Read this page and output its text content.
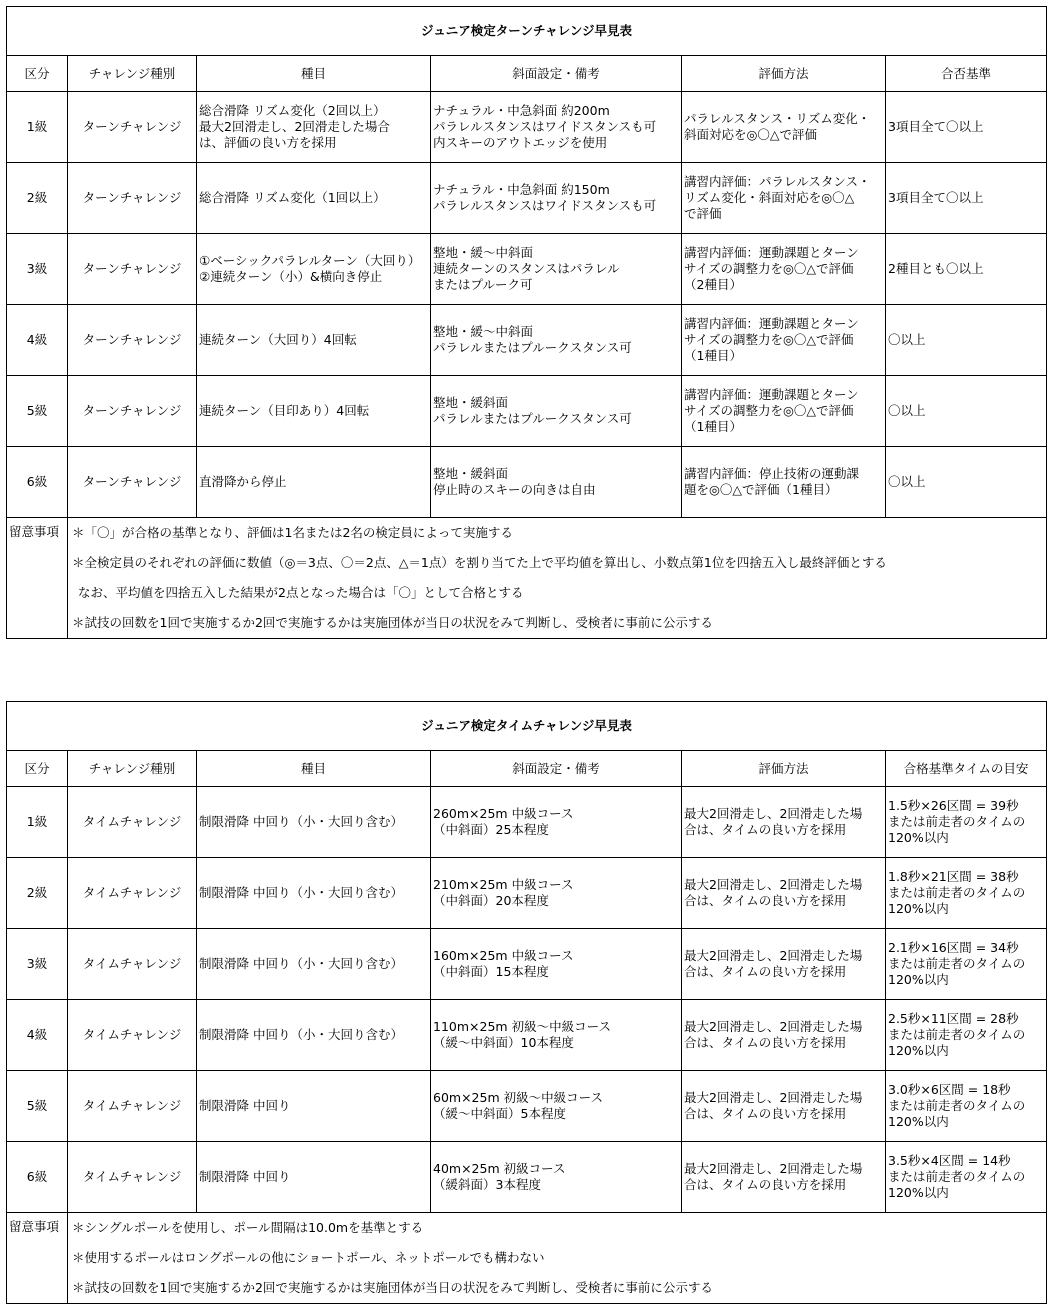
ジュニア検定ターンチャレンジ早見表					
区分	チャレンジ種別	種目	斜面設定・備考	評価方法	合否基準
1級	ターンチャレンジ	総合滑降 リズム変化（2回以上）
最大2回滑走し、2回滑走した場合
は、評価の良い方を採用	ナチュラル・中急斜面 約200m
パラレルスタンスはワイドスタンスも可
内スキーのアウトエッジを使用	パラレルスタンス・リズム変化・
斜面対応を◎〇△で評価	3項目全て〇以上
2級	ターンチャレンジ	総合滑降 リズム変化（1回以上）	ナチュラル・中急斜面 約150m
パラレルスタンスはワイドスタンスも可	講習内評価：パラレルスタンス・
リズム変化・斜面対応を◎〇△
で評価	3項目全て〇以上
3級	ターンチャレンジ	①ベーシックパラレルターン（大回り）
②連続ターン（小）&横向き停止	整地・緩～中斜面
連続ターンのスタンスはパラレル
またはプルーク可	講習内評価：運動課題とターン
サイズの調整力を◎〇△で評価
（2種目）	2種目とも〇以上
4級	ターンチャレンジ	連続ターン（大回り）4回転	整地・緩～中斜面
パラレルまたはプルークスタンス可	講習内評価：運動課題とターン
サイズの調整力を◎〇△で評価
（1種目）	〇以上
5級	ターンチャレンジ	連続ターン（目印あり）4回転	整地・緩斜面
パラレルまたはプルークスタンス可	講習内評価：運動課題とターン
サイズの調整力を◎〇△で評価
（1種目）	〇以上
6級	ターンチャレンジ	直滑降から停止	整地・緩斜面
停止時のスキーの向きは自由	講習内評価：停止技術の運動課
題を◎〇△で評価（1種目）	〇以上
留意事項	＊「〇」が合格の基準となり、評価は1名または2名の検定員によって実施する
＊全検定員のそれぞれの評価に数値（◎＝3点、〇＝2点、△＝1点）を割り当てた上で平均値を算出し、小数点第1位を四捨五入し最終評価とする
なお、平均値を四捨五入した結果が2点となった場合は「〇」として合格とする
＊試技の回数を1回で実施するか2回で実施するかは実施団体が当日の状況をみて判断し、受検者に事前に公示する				
ジュニア検定タイムチャレンジ早見表					
区分	チャレンジ種別	種目	斜面設定・備考	評価方法	合格基準タイムの目安
1級	タイムチャレンジ	制限滑降 中回り（小・大回り含む）	260m×25m 中級コース
（中斜面）25本程度	最大2回滑走し、2回滑走した場
合は、タイムの良い方を採用	1.5秒×26区間 = 39秒
または前走者のタイムの
120%以内
2級	タイムチャレンジ	制限滑降 中回り（小・大回り含む）	210m×25m 中級コース
（中斜面）20本程度	最大2回滑走し、2回滑走した場
合は、タイムの良い方を採用	1.8秒×21区間 = 38秒
または前走者のタイムの
120%以内
3級	タイムチャレンジ	制限滑降 中回り（小・大回り含む）	160m×25m 中級コース
（中斜面）15本程度	最大2回滑走し、2回滑走した場
合は、タイムの良い方を採用	2.1秒×16区間 = 34秒
または前走者のタイムの
120%以内
4級	タイムチャレンジ	制限滑降 中回り（小・大回り含む）	110m×25m 初級～中級コース
（緩～中斜面）10本程度	最大2回滑走し、2回滑走した場
合は、タイムの良い方を採用	2.5秒×11区間 = 28秒
または前走者のタイムの
120%以内
5級	タイムチャレンジ	制限滑降 中回り	60m×25m 初級～中級コース
（緩～中斜面）5本程度	最大2回滑走し、2回滑走した場
合は、タイムの良い方を採用	3.0秒×6区間 = 18秒
または前走者のタイムの
120%以内
6級	タイムチャレンジ	制限滑降 中回り	40m×25m 初級コース
（緩斜面）3本程度	最大2回滑走し、2回滑走した場
合は、タイムの良い方を採用	3.5秒×4区間 = 14秒
または前走者のタイムの
120%以内
留意事項	＊シングルポールを使用し、ポール間隔は10.0mを基準とする
＊使用するポールはロングポールの他にショートポール、ネットポールでも構わない
＊試技の回数を1回で実施するか2回で実施するかは実施団体が当日の状況をみて判断し、受検者に事前に公示する				
